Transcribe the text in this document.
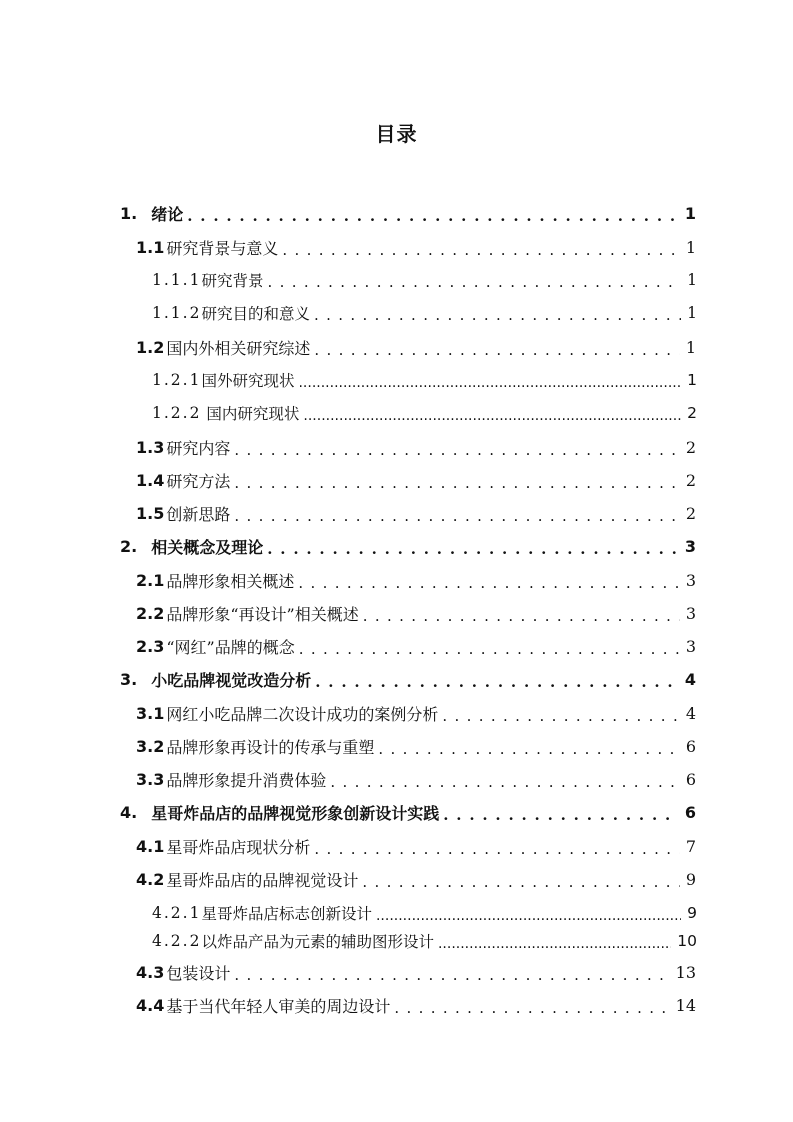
目录
1. 绪论 . . .	1
1.1 研究背景与意义 . . .	1
1.1.1 研究背景 . . .	1
1.1.2 研究目的和意义 . . .	1
1.2 国内外相关研究综述 . . .	1
1.2.1 国外研究现状 .....	1
1.2.2 国内研究现状 .....	2
1.3 研究内容 . . .	2
1.4 研究方法 . . .	2
1.5 创新思路 . . .	2
2. 相关概念及理论 . . .	3
2.1 品牌形象相关概述 . . .	3
2.2 品牌形象“再设计”相关概述 . . .	3
2.3 “网红”品牌的概念 . . .	3
3. 小吃品牌视觉改造分析 . . .	4
3.1 网红小吃品牌二次设计成功的案例分析 . . .	4
3.2 品牌形象再设计的传承与重塑 . . .	6
3.3 品牌形象提升消费体验 . . .	6
4. 星哥炸品店的品牌视觉形象创新设计实践 . . .	6
4.1 星哥炸品店现状分析 . . .	7
4.2 星哥炸品店的品牌视觉设计 . . .	9
4.2.1 星哥炸品店标志创新设计 .....	9
4.2.2 以炸品产品为元素的辅助图形设计 .....	10
4.3 包装设计 . . .	13
4.4 基于当代年轻人审美的周边设计 . . .	14
